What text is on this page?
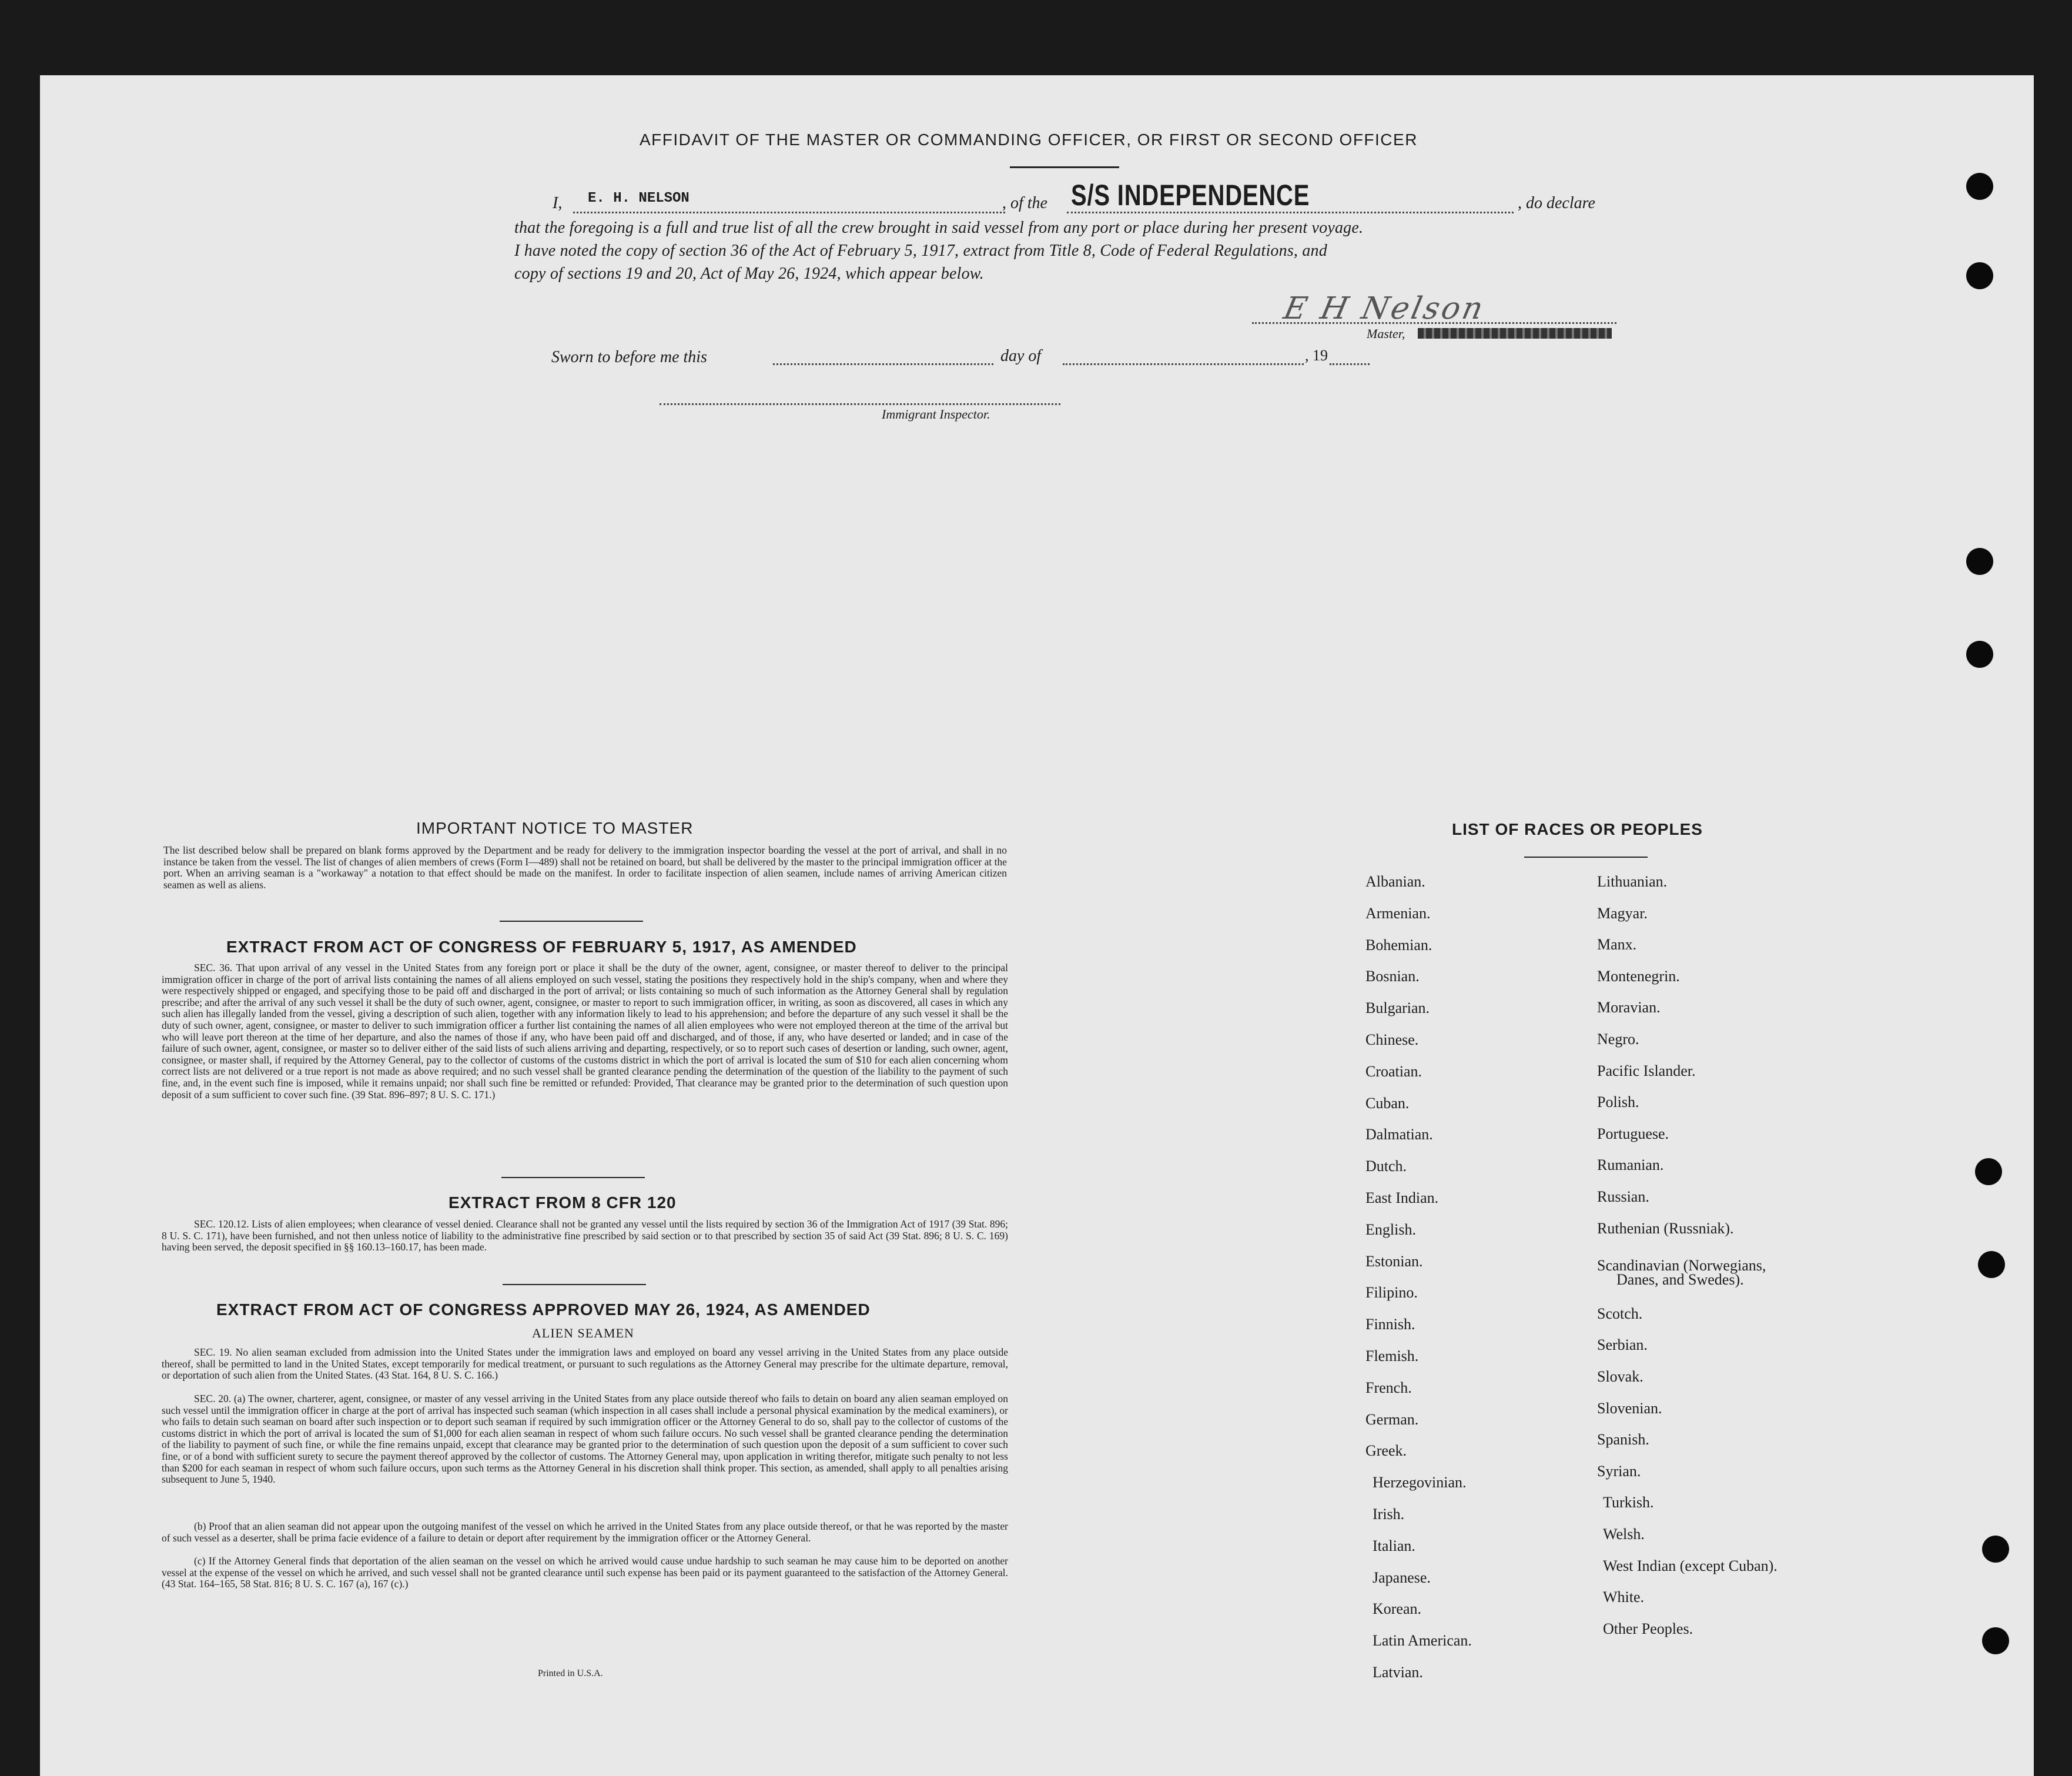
AFFIDAVIT OF THE MASTER OR COMMANDING OFFICER, OR FIRST OR SECOND OFFICER
I, E. H. NELSON	, of the S/S INDEPENDENCE	, do declare
that the foregoing is a full and true list of all the crew brought in said vessel from any port or place during her present voyage.
I have noted the copy of section 36 of the Act of February 5, 1917, extract from Title 8, Code of Federal Regulations, and
copy of sections 19 and 20, Act of May 26, 1924, which appear below.
E H Nelson
Master,
Sworn to before me this	day of	, 19
Immigrant Inspector.
IMPORTANT NOTICE TO MASTER

The list described below shall be prepared on blank forms approved by the Department and be ready for delivery to the immigration inspector boarding the vessel at the port of arrival, and shall in no instance be taken from the vessel. The list of changes of alien members of crews (Form I—489) shall not be retained on board, but shall be delivered by the master to the principal immigration officer at the port. When an arriving seaman is a "workaway" a notation to that effect should be made on the manifest. In order to facilitate inspection of alien seamen, include names of arriving American citizen seamen as well as aliens.

EXTRACT FROM ACT OF CONGRESS OF FEBRUARY 5, 1917, AS AMENDED

SEC. 36. That upon arrival of any vessel in the United States from any foreign port or place it shall be the duty of the owner, agent, consignee, or master thereof to deliver to the principal immigration officer in charge of the port of arrival lists containing the names of all aliens employed on such vessel, stating the positions they respectively hold in the ship's company, when and where they were respectively shipped or engaged, and specifying those to be paid off and discharged in the port of arrival; or lists containing so much of such information as the Attorney General shall by regulation prescribe; and after the arrival of any such vessel it shall be the duty of such owner, agent, consignee, or master to report to such immigration officer, in writing, as soon as discovered, all cases in which any such alien has illegally landed from the vessel, giving a description of such alien, together with any information likely to lead to his apprehension; and before the departure of any such vessel it shall be the duty of such owner, agent, consignee, or master to deliver to such immigration officer a further list containing the names of all alien employees who were not employed thereon at the time of the arrival but who will leave port thereon at the time of her departure, and also the names of those if any, who have been paid off and discharged, and of those, if any, who have deserted or landed; and in case of the failure of such owner, agent, consignee, or master so to deliver either of the said lists of such aliens arriving and departing, respectively, or so to report such cases of desertion or landing, such owner, agent, consignee, or master shall, if required by the Attorney General, pay to the collector of customs of the customs district in which the port of arrival is located the sum of $10 for each alien concerning whom correct lists are not delivered or a true report is not made as above required; and no such vessel shall be granted clearance pending the determination of the question of the liability to the payment of such fine, and, in the event such fine is imposed, while it remains unpaid; nor shall such fine be remitted or refunded: Provided, That clearance may be granted prior to the determination of such question upon deposit of a sum sufficient to cover such fine. (39 Stat. 896–897; 8 U. S. C. 171.)

EXTRACT FROM 8 CFR 120

SEC. 120.12. Lists of alien employees; when clearance of vessel denied. Clearance shall not be granted any vessel until the lists required by section 36 of the Immigration Act of 1917 (39 Stat. 896; 8 U. S. C. 171), have been furnished, and not then unless notice of liability to the administrative fine prescribed by said section or to that prescribed by section 35 of said Act (39 Stat. 896; 8 U. S. C. 169) having been served, the deposit specified in §§ 160.13–160.17, has been made.

EXTRACT FROM ACT OF CONGRESS APPROVED MAY 26, 1924, AS AMENDED
ALIEN SEAMEN

SEC. 19. No alien seaman excluded from admission into the United States under the immigration laws and employed on board any vessel arriving in the United States from any place outside thereof, shall be permitted to land in the United States, except temporarily for medical treatment, or pursuant to such regulations as the Attorney General may prescribe for the ultimate departure, removal, or deportation of such alien from the United States. (43 Stat. 164, 8 U. S. C. 166.)

SEC. 20. (a) The owner, charterer, agent, consignee, or master of any vessel arriving in the United States from any place outside thereof who fails to detain on board any alien seaman employed on such vessel until the immigration officer in charge at the port of arrival has inspected such seaman (which inspection in all cases shall include a personal physical examination by the medical examiners), or who fails to detain such seaman on board after such inspection or to deport such seaman if required by such immigration officer or the Attorney General to do so, shall pay to the collector of customs of the customs district in which the port of arrival is located the sum of $1,000 for each alien seaman in respect of whom such failure occurs. No such vessel shall be granted clearance pending the determination of the liability to payment of such fine, or while the fine remains unpaid, except that clearance may be granted prior to the determination of such question upon the deposit of a sum sufficient to cover such fine, or of a bond with sufficient surety to secure the payment thereof approved by the collector of customs. The Attorney General may, upon application in writing therefor, mitigate such penalty to not less than $200 for each seaman in respect of whom such failure occurs, upon such terms as the Attorney General in his discretion shall think proper. This section, as amended, shall apply to all penalties arising subsequent to June 5, 1940.

(b) Proof that an alien seaman did not appear upon the outgoing manifest of the vessel on which he arrived in the United States from any place outside thereof, or that he was reported by the master of such vessel as a deserter, shall be prima facie evidence of a failure to detain or deport after requirement by the immigration officer or the Attorney General.

(c) If the Attorney General finds that deportation of the alien seaman on the vessel on which he arrived would cause undue hardship to such seaman he may cause him to be deported on another vessel at the expense of the vessel on which he arrived, and such vessel shall not be granted clearance until such expense has been paid or its payment guaranteed to the satisfaction of the Attorney General. (43 Stat. 164–165, 58 Stat. 816; 8 U. S. C. 167 (a), 167 (c).)

Printed in U.S.A.
LIST OF RACES OR PEOPLES
Albanian.
Armenian.
Bohemian.
Bosnian.
Bulgarian.
Chinese.
Croatian.
Cuban.
Dalmatian.
Dutch.
East Indian.
English.
Estonian.
Filipino.
Finnish.
Flemish.
French.
German.
Greek.
Herzegovinian.
Irish.
Italian.
Japanese.
Korean.
Latin American.
Latvian.
Lithuanian.
Magyar.
Manx.
Montenegrin.
Moravian.
Negro.
Pacific Islander.
Polish.
Portuguese.
Rumanian.
Russian.
Ruthenian (Russniak).
Scandinavian (Norwegians,
Danes, and Swedes).
Scotch.
Serbian.
Slovak.
Slovenian.
Spanish.
Syrian.
Turkish.
Welsh.
West Indian (except Cuban).
White.
Other Peoples.
